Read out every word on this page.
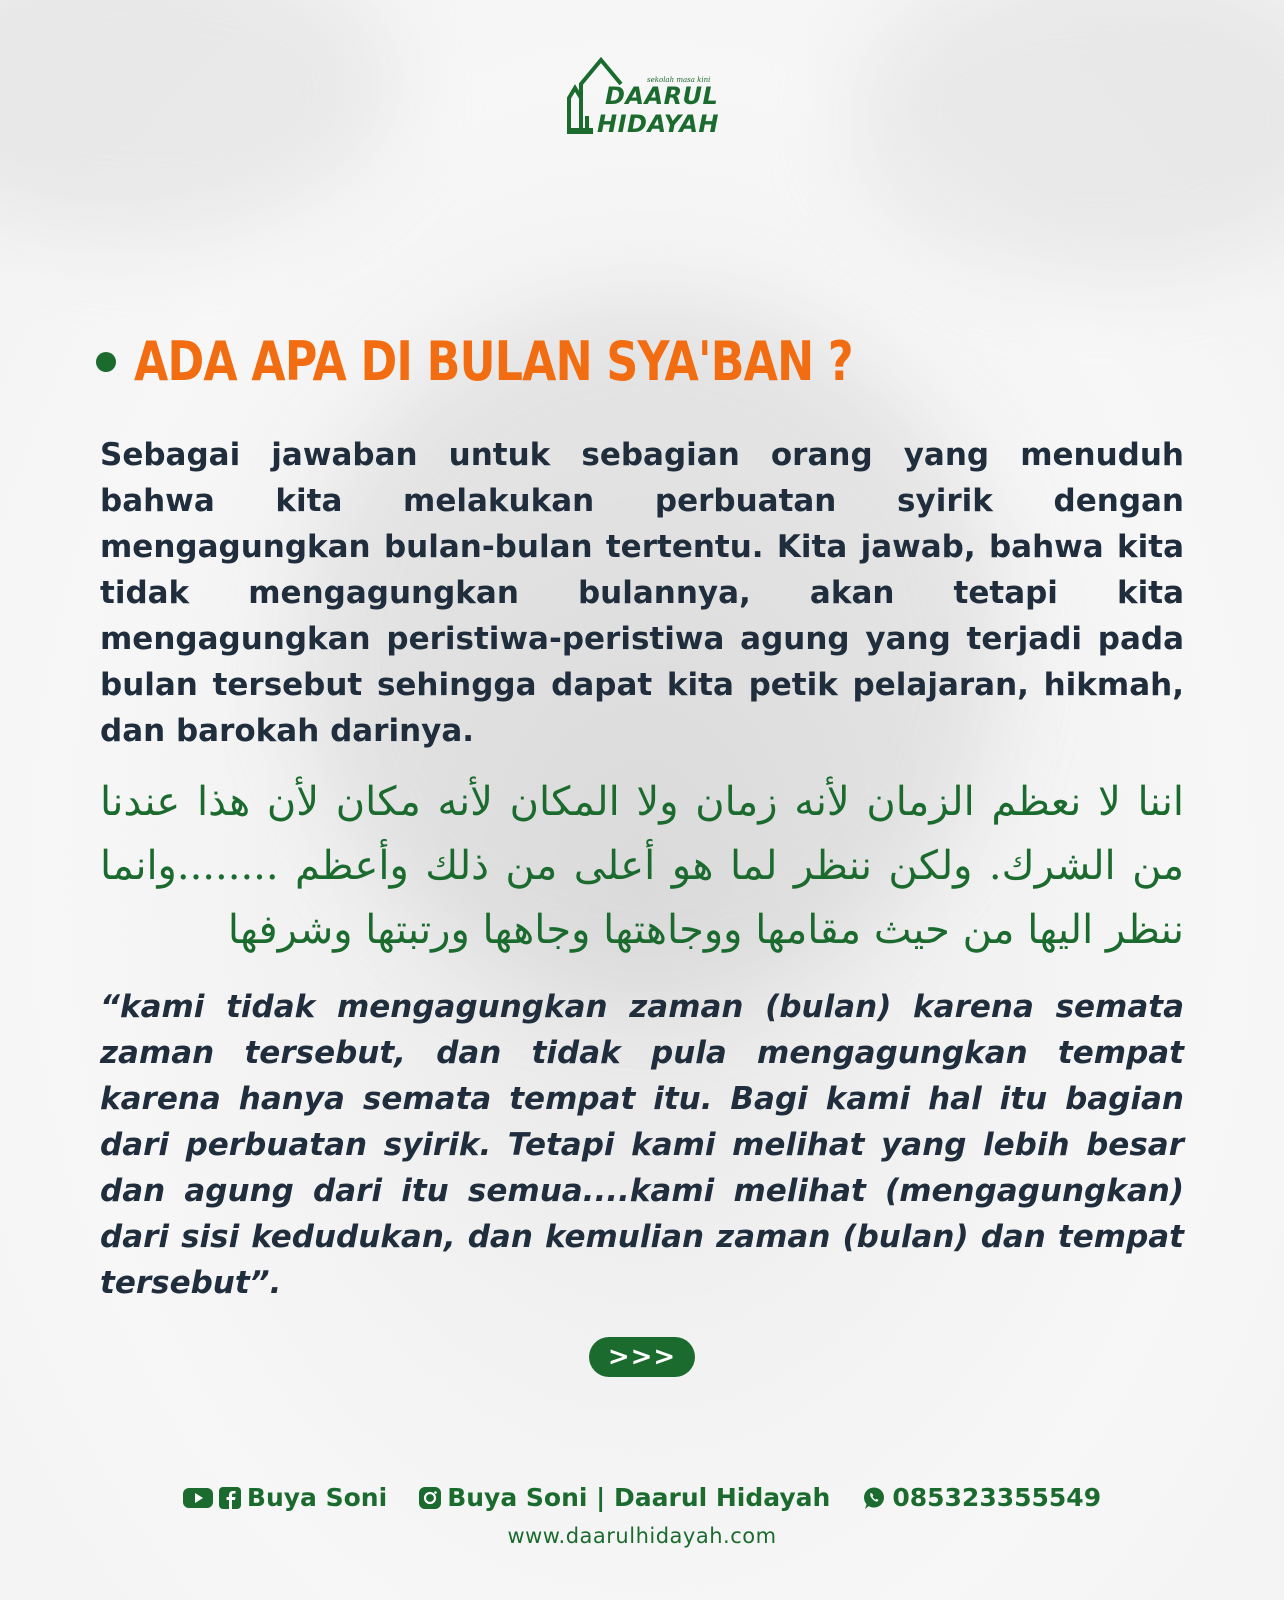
sekolah masa kini
DAARUL
HIDAYAH
ADA APA DI BULAN SYA'BAN ?
Sebagai jawaban untuk sebagian orang yang menuduh bahwa kita melakukan perbuatan syirik dengan mengagungkan bulan-bulan tertentu. Kita jawab, bahwa kita tidak mengagungkan bulannya, akan tetapi kita mengagungkan peristiwa-peristiwa agung yang terjadi pada bulan tersebut sehingga dapat kita petik pelajaran, hikmah, dan barokah darinya.
اننا لا نعظم الزمان لأنه زمان ولا المكان لأنه مكان لأن هذا عندنا من الشرك. ولكن ننظر لما هو أعلى من ذلك وأعظم ........وانما ننظر اليها من حيث مقامها ووجاهتها وجاهها ورتبتها وشرفها
“kami tidak mengagungkan zaman (bulan) karena semata zaman tersebut, dan tidak pula mengagungkan tempat karena hanya semata tempat itu. Bagi kami hal itu bagian dari perbuatan syirik. Tetapi kami melihat yang lebih besar dan agung dari itu semua....kami melihat (mengagungkan) dari sisi kedudukan, dan kemulian zaman (bulan) dan tempat tersebut”.
>>>
Buya Soni Buya Soni | Daarul Hidayah 085323355549
www.daarulhidayah.com
